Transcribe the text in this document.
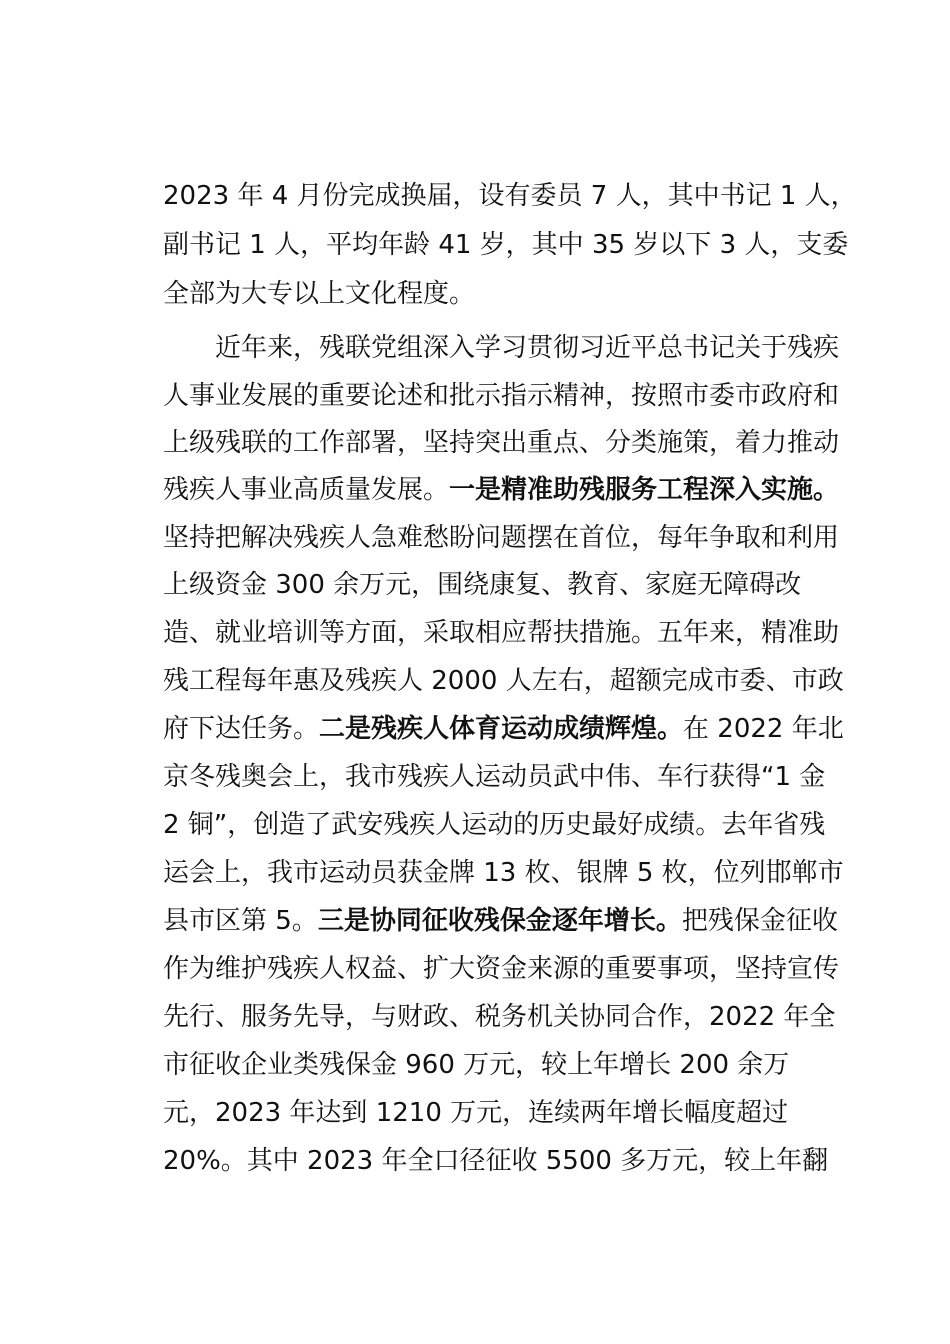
2023 年 4 月份完成换届，设有委员 7 人，其中书记 1 人，
副书记 1 人，平均年龄 41 岁，其中 35 岁以下 3 人，支委
全部为大专以上文化程度。
　　近年来，残联党组深入学习贯彻习近平总书记关于残疾
人事业发展的重要论述和批示指示精神，按照市委市政府和
上级残联的工作部署，坚持突出重点、分类施策，着力推动
残疾人事业高质量发展。一是精准助残服务工程深入实施。
坚持把解决残疾人急难愁盼问题摆在首位，每年争取和利用
上级资金 300 余万元，围绕康复、教育、家庭无障碍改
造、就业培训等方面，采取相应帮扶措施。五年来，精准助
残工程每年惠及残疾人 2000 人左右，超额完成市委、市政
府下达任务。二是残疾人体育运动成绩辉煌。在 2022 年北
京冬残奥会上，我市残疾人运动员武中伟、车行获得“1 金
2 铜”，创造了武安残疾人运动的历史最好成绩。去年省残
运会上，我市运动员获金牌 13 枚、银牌 5 枚，位列邯郸市
县市区第 5。三是协同征收残保金逐年增长。把残保金征收
作为维护残疾人权益、扩大资金来源的重要事项，坚持宣传
先行、服务先导，与财政、税务机关协同合作，2022 年全
市征收企业类残保金 960 万元，较上年增长 200 余万
元，2023 年达到 1210 万元，连续两年增长幅度超过
20%。其中 2023 年全口径征收 5500 多万元，较上年翻
